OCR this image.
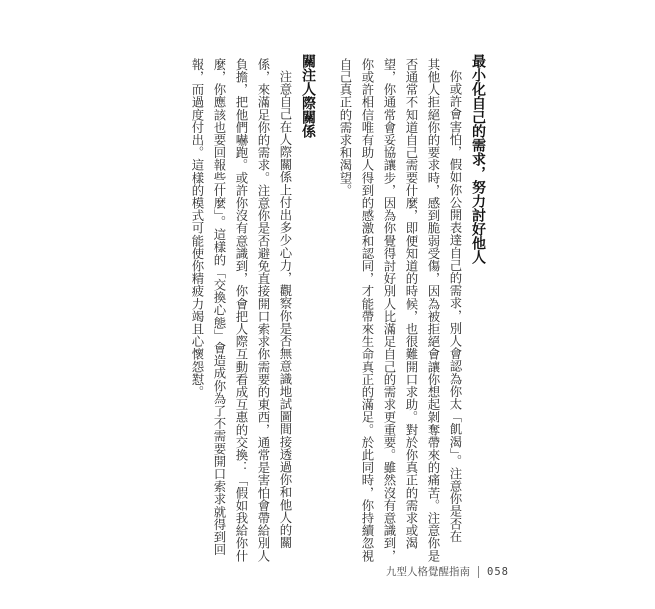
最小化自己的需求，努力討好他人
你或許會害怕，假如你公開表達自己的需求，別人會認為你太「飢渴」。注意你是否在
其他人拒絕你的要求時，感到脆弱受傷，因為被拒絕會讓你想起剝奪帶來的痛苦。注意你是
否通常不知道自己需要什麼，即便知道的時候，也很難開口求助。對於你真正的需求或渴
望，你通常會妥協讓步，因為你覺得討好別人比滿足自己的需求更重要。雖然沒有意識到，
你或許相信唯有助人得到的感激和認同，才能帶來生命真正的滿足。於此同時，你持續忽視
自己真正的需求和渴望。
關注人際關係
注意自己在人際關係上付出多少心力，觀察你是否無意識地試圖間接透過你和他人的關
係，來滿足你的需求。注意你是否避免直接開口索求你需要的東西，通常是害怕會帶給別人
負擔，把他們嚇跑。或許你沒有意識到，你會把人際互動看成互惠的交換：「假如我給你什
麼，你應該也要回報些什麼」。這樣的「交換心態」會造成你為了不需要開口索求就得到回
報，而過度付出。這樣的模式可能使你精疲力竭且心懷怨懟。
九型人格覺醒指南 058
